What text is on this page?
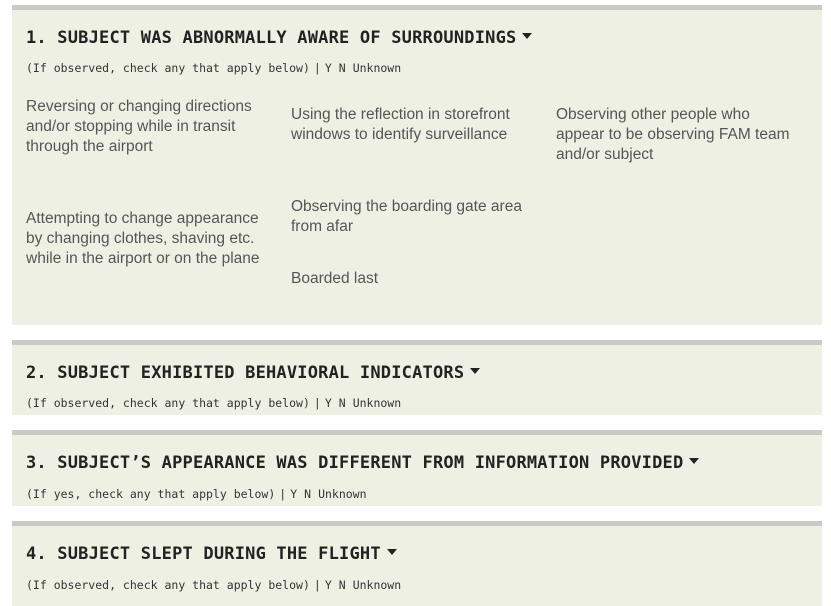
1. SUBJECT WAS ABNORMALLY AWARE OF SURROUNDINGS
(If observed, check any that apply below) | Y N Unknown
Reversing or changing directions and/or stopping while in transit through the airport
Using the reflection in storefront windows to identify surveillance
Observing other people who appear to be observing FAM team and/or subject
Attempting to change appearance by changing clothes, shaving etc. while in the airport or on the plane
Observing the boarding gate area from afar
Boarded last
2. SUBJECT EXHIBITED BEHAVIORAL INDICATORS
(If observed, check any that apply below) | Y N Unknown
3. SUBJECT’S APPEARANCE WAS DIFFERENT FROM INFORMATION PROVIDED
(If yes, check any that apply below) | Y N Unknown
4. SUBJECT SLEPT DURING THE FLIGHT
(If observed, check any that apply below) | Y N Unknown
